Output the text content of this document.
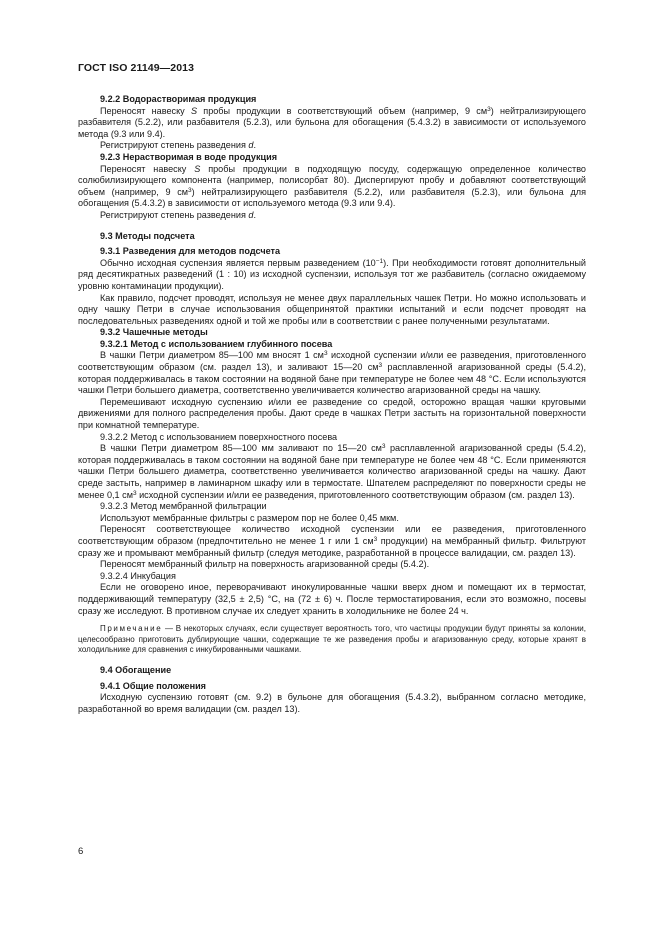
ГОСТ ISO 21149—2013

9.2.2 Водорастворимая продукция

Переносят навеску S пробы продукции в соответствующий объем (например, 9 $см^3$) нейтрализирующего разбавителя (5.2.2), или разбавителя (5.2.3), или бульона для обогащения (5.4.3.2) в зависимости от используемого метода (9.3 или 9.4).

Регистрируют степень разведения d.

9.2.3 Нерастворимая в воде продукция

Переносят навеску S пробы продукции в подходящую посуду, содержащую определенное количество солюбилизирующего компонента (например, полисорбат 80). Диспергируют пробу и добавляют соответствующий объем (например, 9 $см^3$) нейтрализирующего разбавителя (5.2.2), или разбавителя (5.2.3), или бульона для обогащения (5.4.3.2) в зависимости от используемого метода (9.3 или 9.4).

Регистрируют степень разведения d.

9.3 Методы подсчета

9.3.1 Разведения для методов подсчета

Обычно исходная суспензия является первым разведением $(10^{-1})$. При необходимости готовят дополнительный ряд десятикратных разведений (1 : 10) из исходной суспензии, используя тот же разбавитель (согласно ожидаемому уровню контаминации продукции).

Как правило, подсчет проводят, используя не менее двух параллельных чашек Петри. Но можно использовать и одну чашку Петри в случае использования общепринятой практики испытаний и если подсчет проводят на последовательных разведениях одной и той же пробы или в соответствии с ранее полученными результатами.

9.3.2 Чашечные методы

9.3.2.1 Метод с использованием глубинного посева

В чашки Петри диаметром 85—100 мм вносят 1 $см^3$ исходной суспензии и/или ее разведения, приготовленного соответствующим образом (см. раздел 13), и заливают 15—20 $см^3$ расплавленной агаризованной среды (5.4.2), которая поддерживалась в таком состоянии на водяной бане при температуре не более чем 48 °С. Если используются чашки Петри большего диаметра, соответственно увеличивается количество агаризованной среды на чашку.

Перемешивают исходную суспензию и/или ее разведение со средой, осторожно вращая чашки круговыми движениями для полного распределения пробы. Дают среде в чашках Петри застыть на горизонтальной поверхности при комнатной температуре.

9.3.2.2 Метод с использованием поверхностного посева

В чашки Петри диаметром 85—100 мм заливают по 15—20 $см^3$ расплавленной агаризованной среды (5.4.2), которая поддерживалась в таком состоянии на водяной бане при температуре не более чем 48 °С. Если применяются чашки Петри большего диаметра, соответственно увеличивается количество агаризованной среды на чашку. Дают среде застыть, например в ламинарном шкафу или в термостате. Шпателем распределяют по поверхности среды не менее 0,1 $см^3$ исходной суспензии и/или ее разведения, приготовленного соответствующим образом (см. раздел 13).

9.3.2.3 Метод мембранной фильтрации

Используют мембранные фильтры с размером пор не более 0,45 мкм.

Переносят соответствующее количество исходной суспензии или ее разведения, приготовленного соответствующим образом (предпочтительно не менее 1 г или 1 $см^3$ продукции) на мембранный фильтр. Фильтруют сразу же и промывают мембранный фильтр (следуя методике, разработанной в процессе валидации, см. раздел 13).

Переносят мембранный фильтр на поверхность агаризованной среды (5.4.2).

9.3.2.4 Инкубация

Если не оговорено иное, переворачивают инокулированные чашки вверх дном и помещают их в термостат, поддерживающий температуру (32,5 ± 2,5) °С, на (72 ± 6) ч. После термостатирования, если это возможно, посевы сразу же исследуют. В противном случае их следует хранить в холодильнике не более 24 ч.

Примечание — В некоторых случаях, если существует вероятность того, что частицы продукции будут приняты за колонии, целесообразно приготовить дублирующие чашки, содержащие те же разведения пробы и агаризованную среду, которые хранят в холодильнике для сравнения с инкубированными чашками.

9.4 Обогащение

9.4.1 Общие положения

Исходную суспензию готовят (см. 9.2) в бульоне для обогащения (5.4.3.2), выбранном согласно методике, разработанной во время валидации (см. раздел 13).

6
